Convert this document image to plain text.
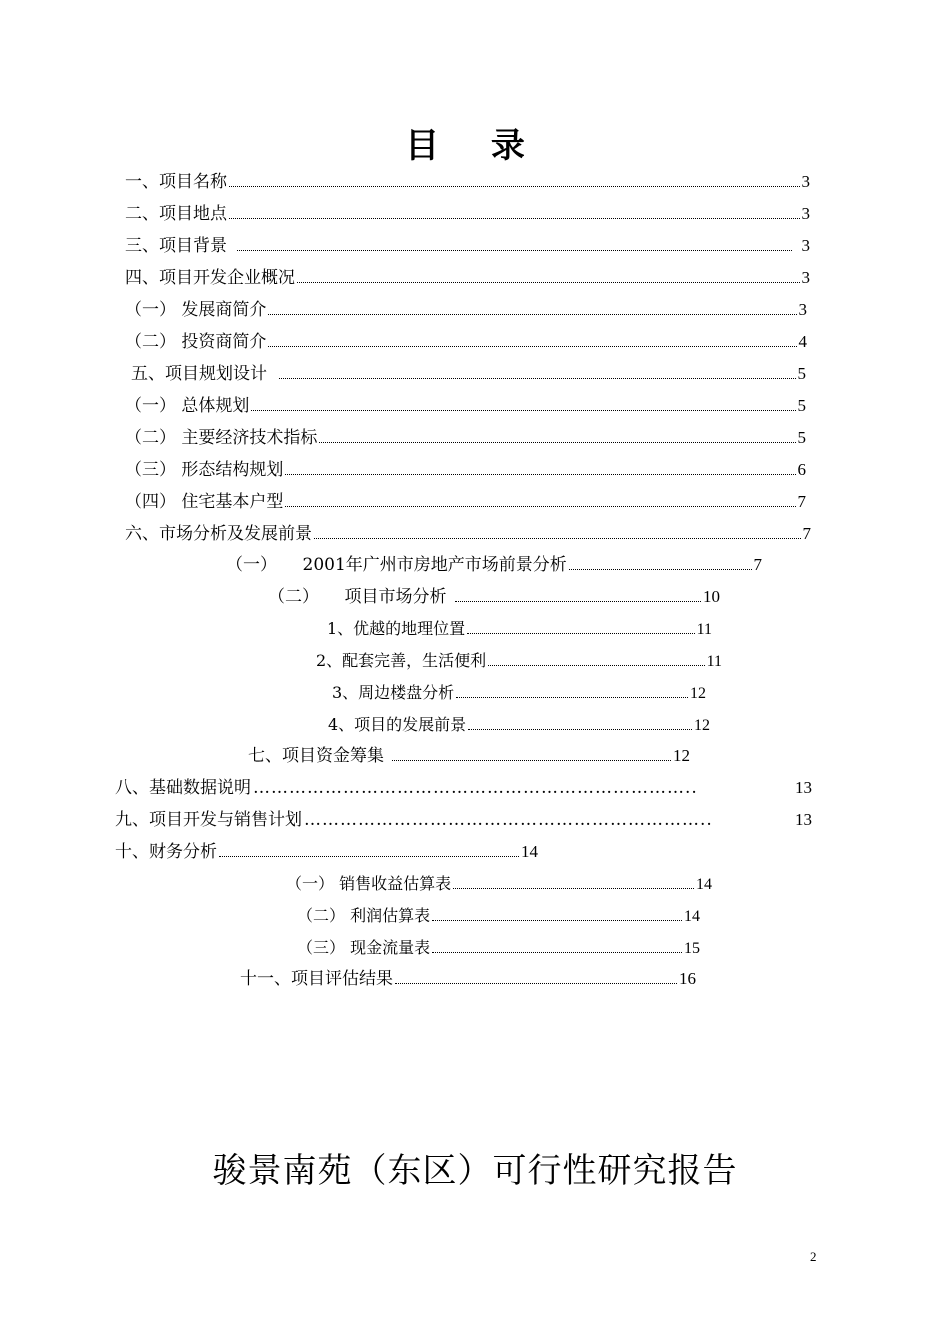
目 录
一、项目名称	3
二、项目地点	3
三、项目背景	3
四、项目开发企业概况	3
（一） 发展商简介	3
（二） 投资商简介	4
五、项目规划设计	5
（一） 总体规划	5
（二） 主要经济技术指标	5
（三） 形态结构规划	6
（四） 住宅基本户型	7
六、市场分析及发展前景	7
（一）　　2001年广州市房地产市场前景分析	7
（二）　　项目市场分析	10
1、优越的地理位置	11
2、配套完善，生活便利	11
3、周边楼盘分析	12
4、项目的发展前景	12
七、项目资金筹集	12
八、基础数据说明 ………………………………………………………………..	13
九、项目开发与销售计划 …………………………………………………………..	13
十、财务分析	14
（一） 销售收益估算表	14
（二） 利润估算表	14
（三） 现金流量表	15
十一、项目评估结果	16
骏景南苑（东区）可行性研究报告
2
